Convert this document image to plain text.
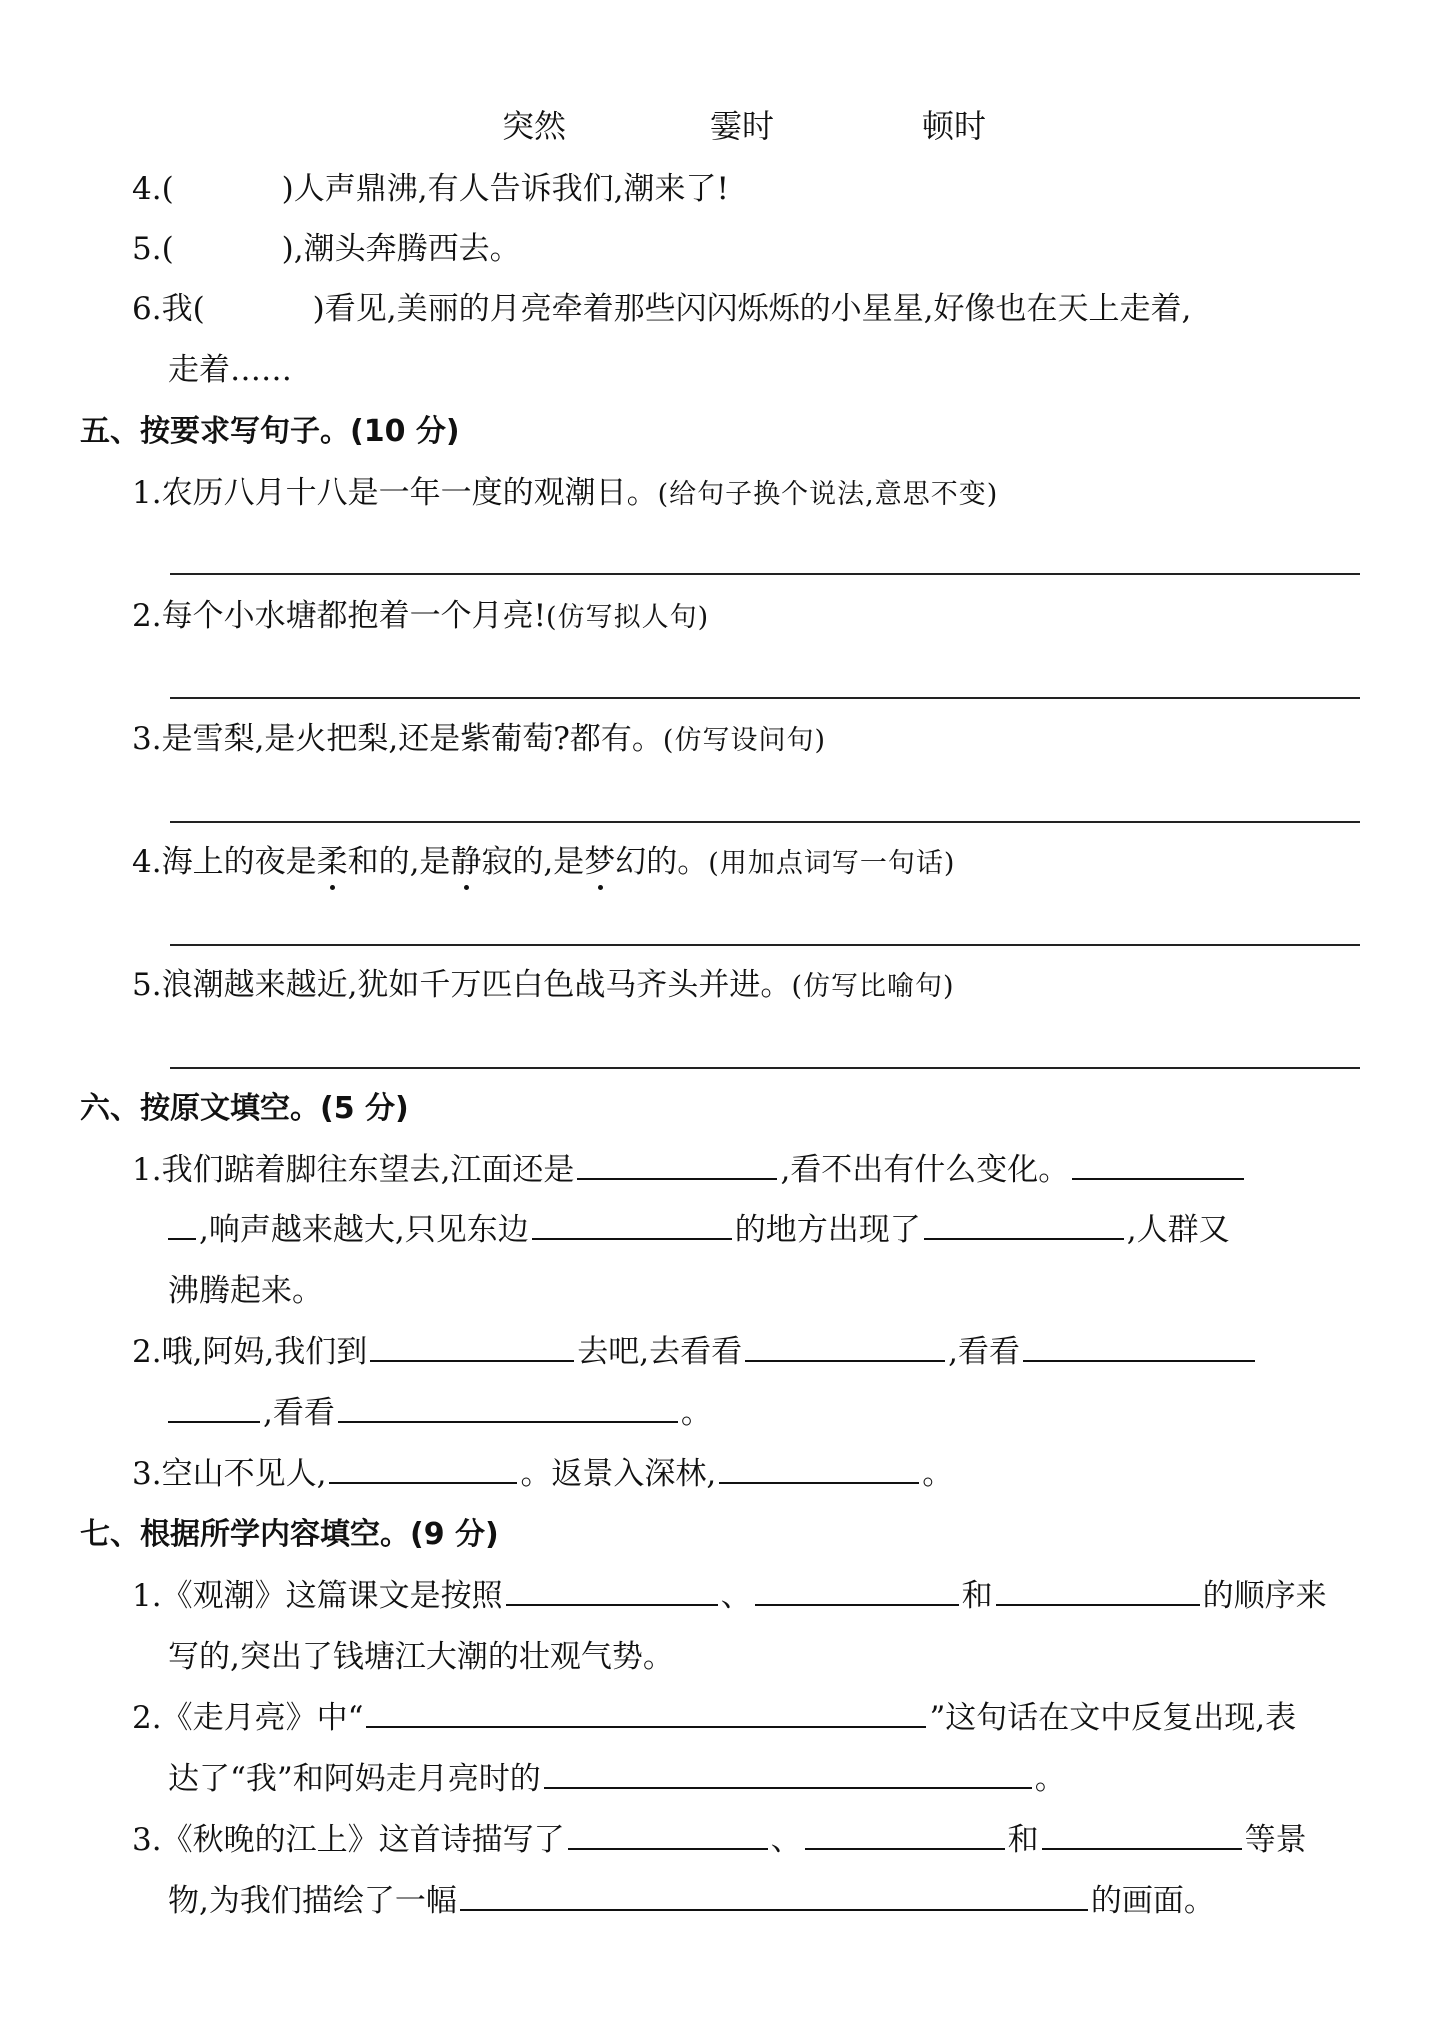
突然	霎时	顿时
4.(	)人声鼎沸,有人告诉我们,潮来了!
5.(	),潮头奔腾西去。
6.我(	)看见,美丽的月亮牵着那些闪闪烁烁的小星星,好像也在天上走着,
走着……
五、按要求写句子。(10 分)
1.农历八月十八是一年一度的观潮日。(给句子换个说法,意思不变)
2.每个小水塘都抱着一个月亮!(仿写拟人句)
3.是雪梨,是火把梨,还是紫葡萄?都有。(仿写设问句)
4.海上的夜是柔和的,是静寂的,是梦幻的。(用加点词写一句话)
5.浪潮越来越近,犹如千万匹白色战马齐头并进。(仿写比喻句)
六、按原文填空。(5 分)
1.我们踮着脚往东望去,江面还是	,看不出有什么变化。
,响声越来越大,只见东边	的地方出现了	,人群又
沸腾起来。
2.哦,阿妈,我们到	去吧,去看看	,看看
,看看	。
3.空山不见人,	。返景入深林,	。
七、根据所学内容填空。(9 分)
1.《观潮》这篇课文是按照	、	和	的顺序来
写的,突出了钱塘江大潮的壮观气势。
2.《走月亮》中“	”这句话在文中反复出现,表
达了“我”和阿妈走月亮时的	。
3.《秋晚的江上》这首诗描写了	、	和	等景
物,为我们描绘了一幅	的画面。
